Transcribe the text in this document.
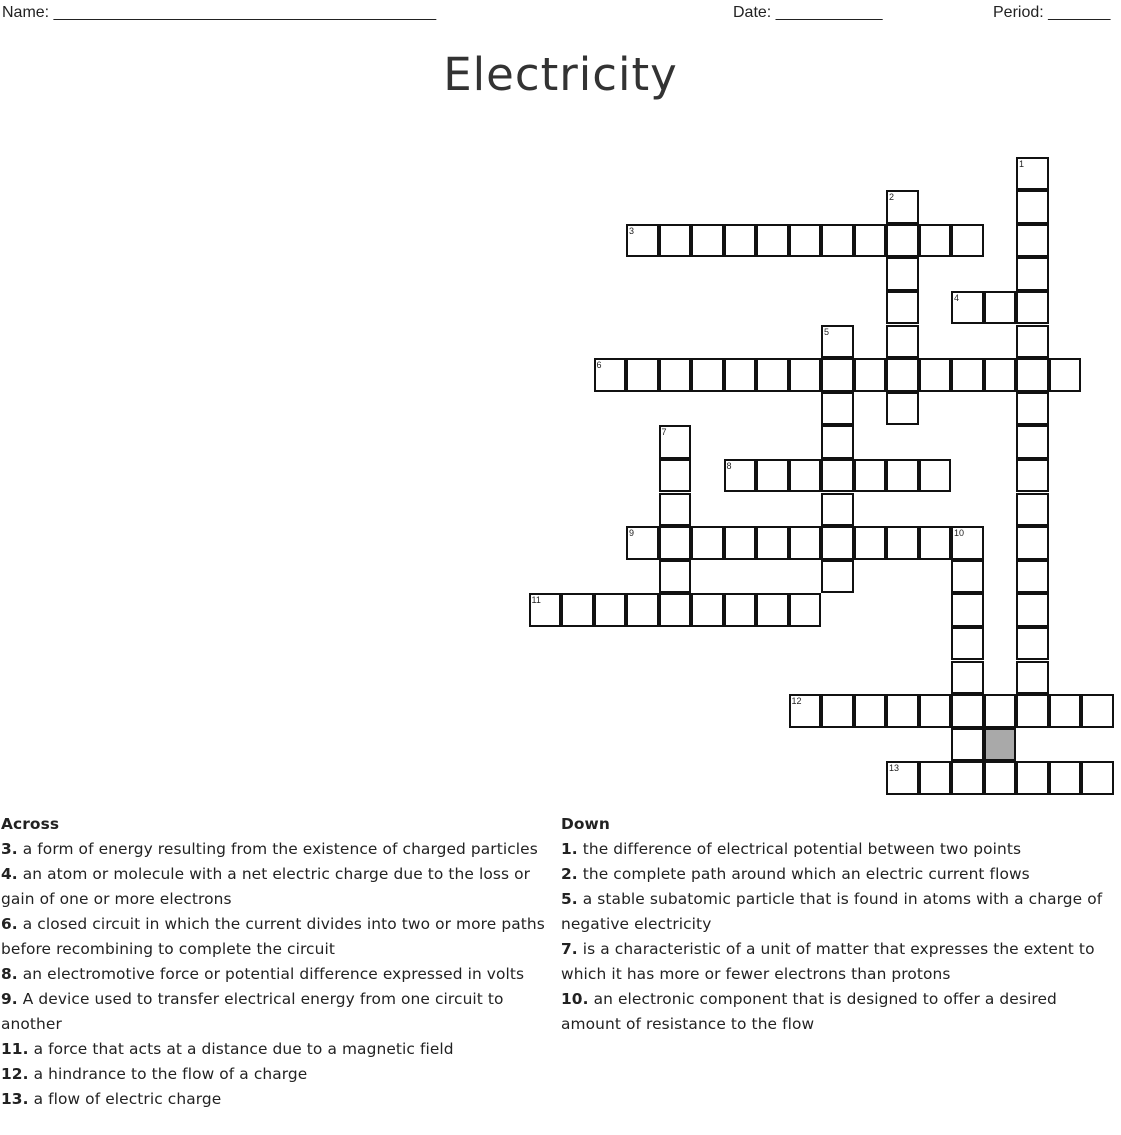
Name: ___________________________________________	Date: ____________	Period: _______
Electricity
1
2
3
4
5
6
7
8
9	10
11
12
13
Across
3. a form of energy resulting from the existence of charged particles
4. an atom or molecule with a net electric charge due to the loss or gain of one or more electrons
6. a closed circuit in which the current divides into two or more paths before recombining to complete the circuit
8. an electromotive force or potential difference expressed in volts
9. A device used to transfer electrical energy from one circuit to another
11. a force that acts at a distance due to a magnetic field
12. a hindrance to the flow of a charge
13. a flow of electric charge
Down
1. the difference of electrical potential between two points
2. the complete path around which an electric current flows
5. a stable subatomic particle that is found in atoms with a charge of negative electricity
7. is a characteristic of a unit of matter that expresses the extent to which it has more or fewer electrons than protons
10. an electronic component that is designed to offer a desired amount of resistance to the flow
